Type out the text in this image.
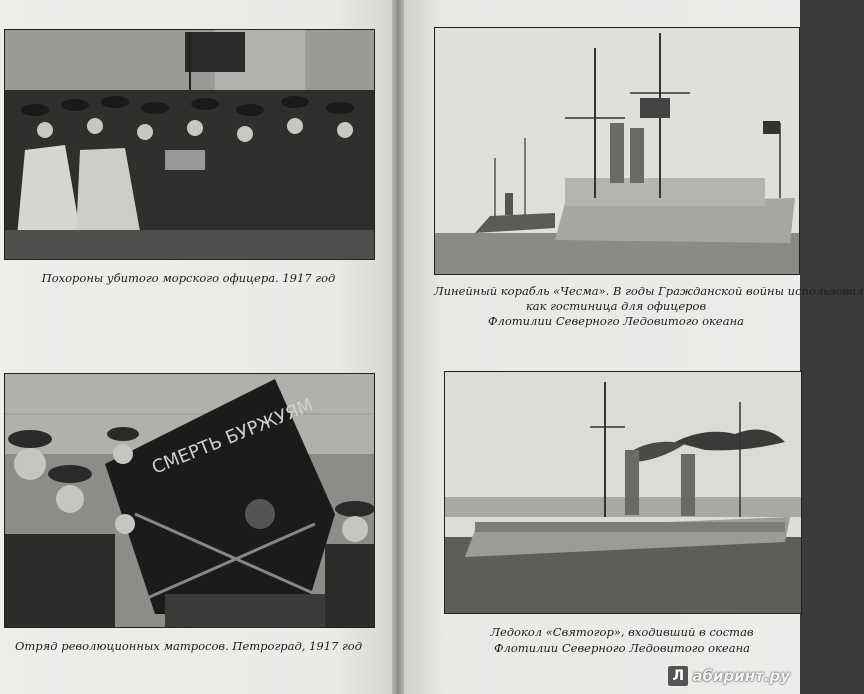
Похороны убитого морского офицера. 1917 год
СМЕРТЬ БУРЖУЯМ
Отряд революционных матросов. Петроград, 1917 год
Линейный корабль «Чесма». В годы Гражданской войны использовал
как гостиница для офицеров
Флотилии Северного Ледовитого океана
Ледокол «Святогор», входивший в состав
Флотилии Северного Ледовитого океана
Л абиринт.ру
